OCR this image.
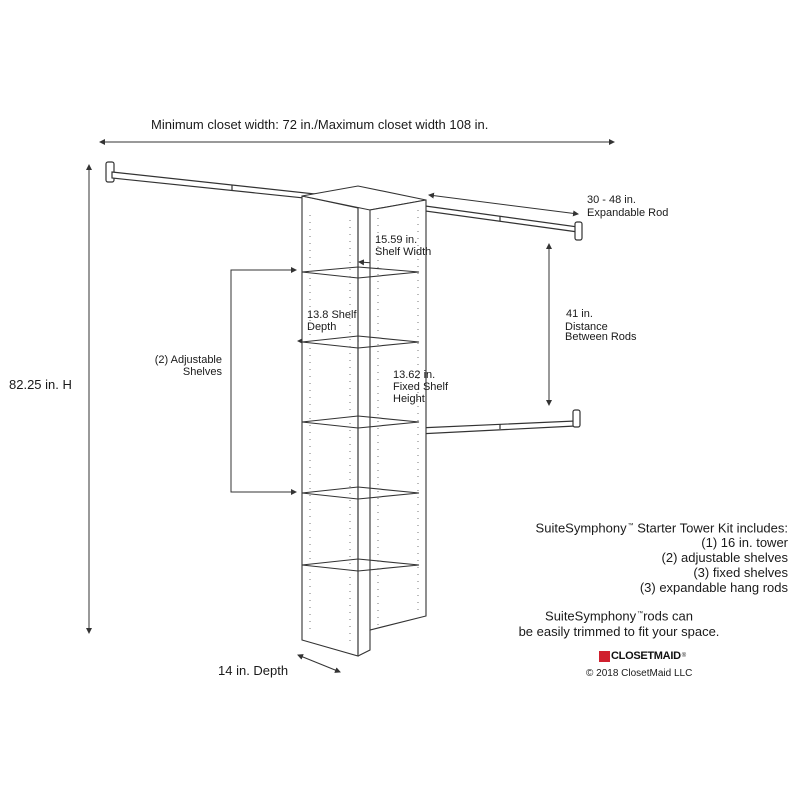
Minimum closet width: 72 in./Maximum closet width 108 in.
82.25 in. H
14 in. Depth
30 - 48 in.
Expandable Rod
15.59 in.
Shelf Width
13.8 Shelf
Depth
41 in.
Distance
Between Rods
13.62 in.
Fixed Shelf
Height
(2) Adjustable
Shelves
SuiteSymphony™ Starter Tower Kit includes:
(1) 16 in. tower
(2) adjustable shelves
(3) fixed shelves
(3) expandable hang rods
SuiteSymphony™rods can
be easily trimmed to fit your space.
CLOSETMAID ®
© 2018 ClosetMaid LLC
